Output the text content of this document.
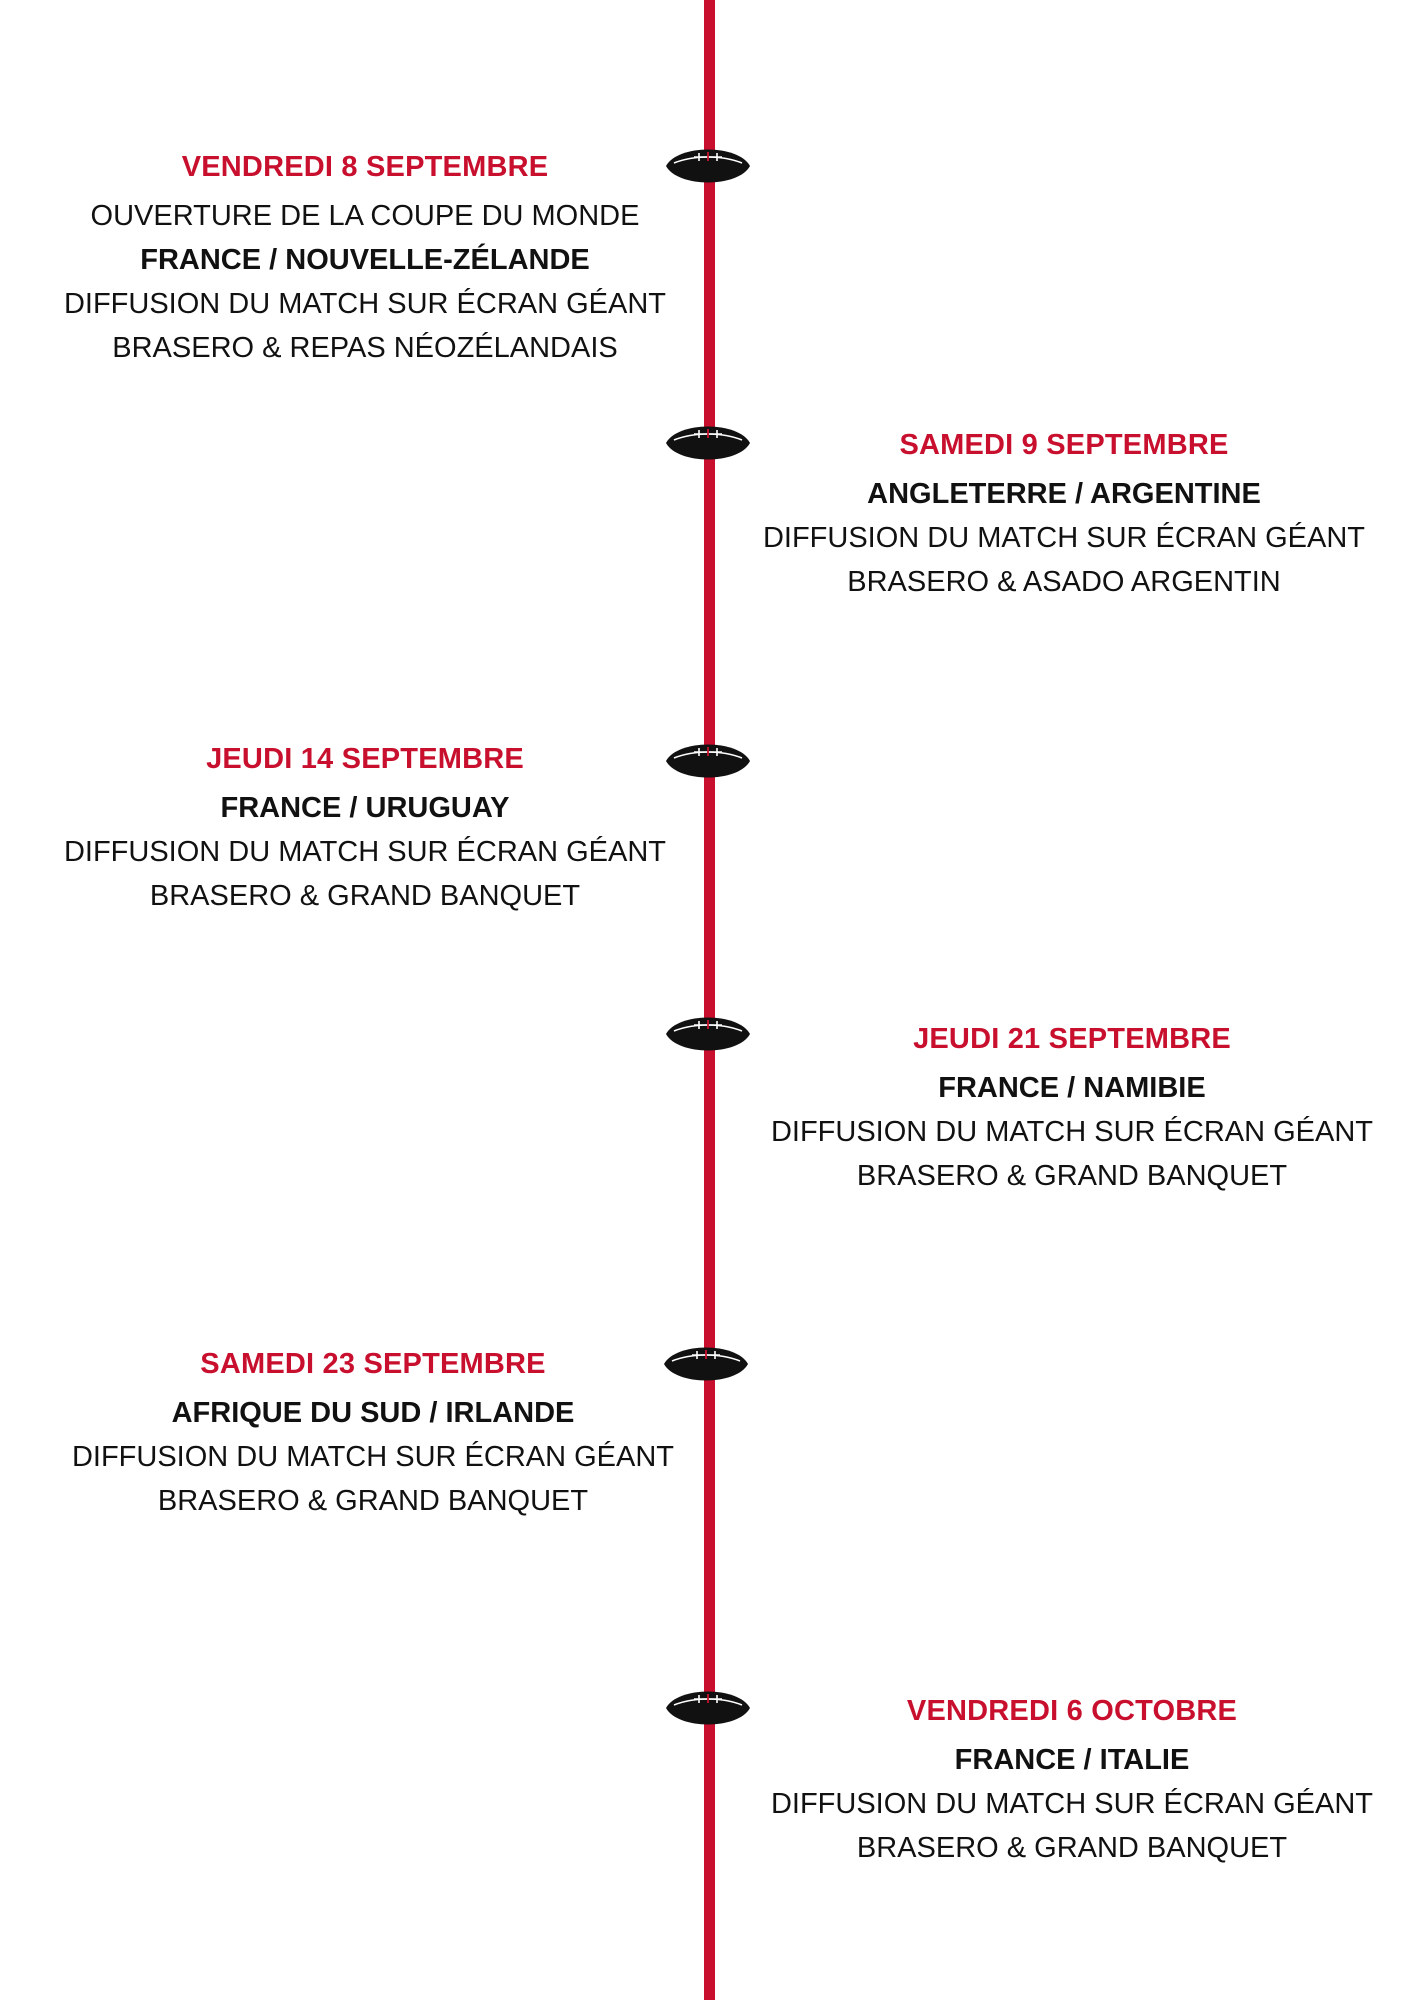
VENDREDI 8 SEPTEMBRE
OUVERTURE DE LA COUPE DU MONDE
FRANCE / NOUVELLE-ZÉLANDE
DIFFUSION DU MATCH SUR ÉCRAN GÉANT
BRASERO & REPAS NÉOZÉLANDAIS
SAMEDI 9 SEPTEMBRE
ANGLETERRE / ARGENTINE
DIFFUSION DU MATCH SUR ÉCRAN GÉANT
BRASERO & ASADO ARGENTIN
JEUDI 14 SEPTEMBRE
FRANCE / URUGUAY
DIFFUSION DU MATCH SUR ÉCRAN GÉANT
BRASERO & GRAND BANQUET
JEUDI 21 SEPTEMBRE
FRANCE / NAMIBIE
DIFFUSION DU MATCH SUR ÉCRAN GÉANT
BRASERO & GRAND BANQUET
SAMEDI 23 SEPTEMBRE
AFRIQUE DU SUD / IRLANDE
DIFFUSION DU MATCH SUR ÉCRAN GÉANT
BRASERO & GRAND BANQUET
VENDREDI 6 OCTOBRE
FRANCE / ITALIE
DIFFUSION DU MATCH SUR ÉCRAN GÉANT
BRASERO & GRAND BANQUET
